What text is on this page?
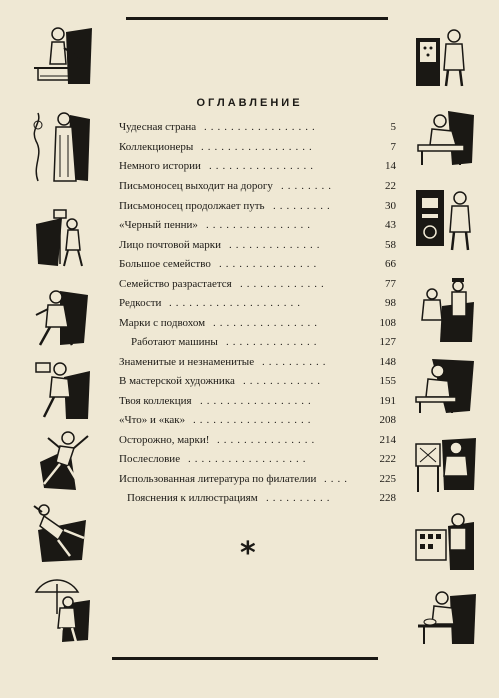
ОГЛАВЛЕНИЕ
Чудесная страна .................	5
Коллекционеры .................	7
Немного истории ................	14
Письмоносец выходит на дорогу ........	22
Письмоносец продолжает путь .........	30
«Черный пенни» ................	43
Лицо почтовой марки ..............	58
Большое семейство ...............	66
Семейство разрастается .............	77
Редкости ....................	98
Марки с подвохом ................	108
Работают машины ..............	127
Знаменитые и незнаменитые ..........	148
В мастерской художника ............	155
Твоя коллекция .................	191
«Что» и «как» ..................	208
Осторожно, марки! ...............	214
Послесловие ..................	222
Использованная литература по филателии ....	225
Пояснения к иллюстрациям ..........	228
*
